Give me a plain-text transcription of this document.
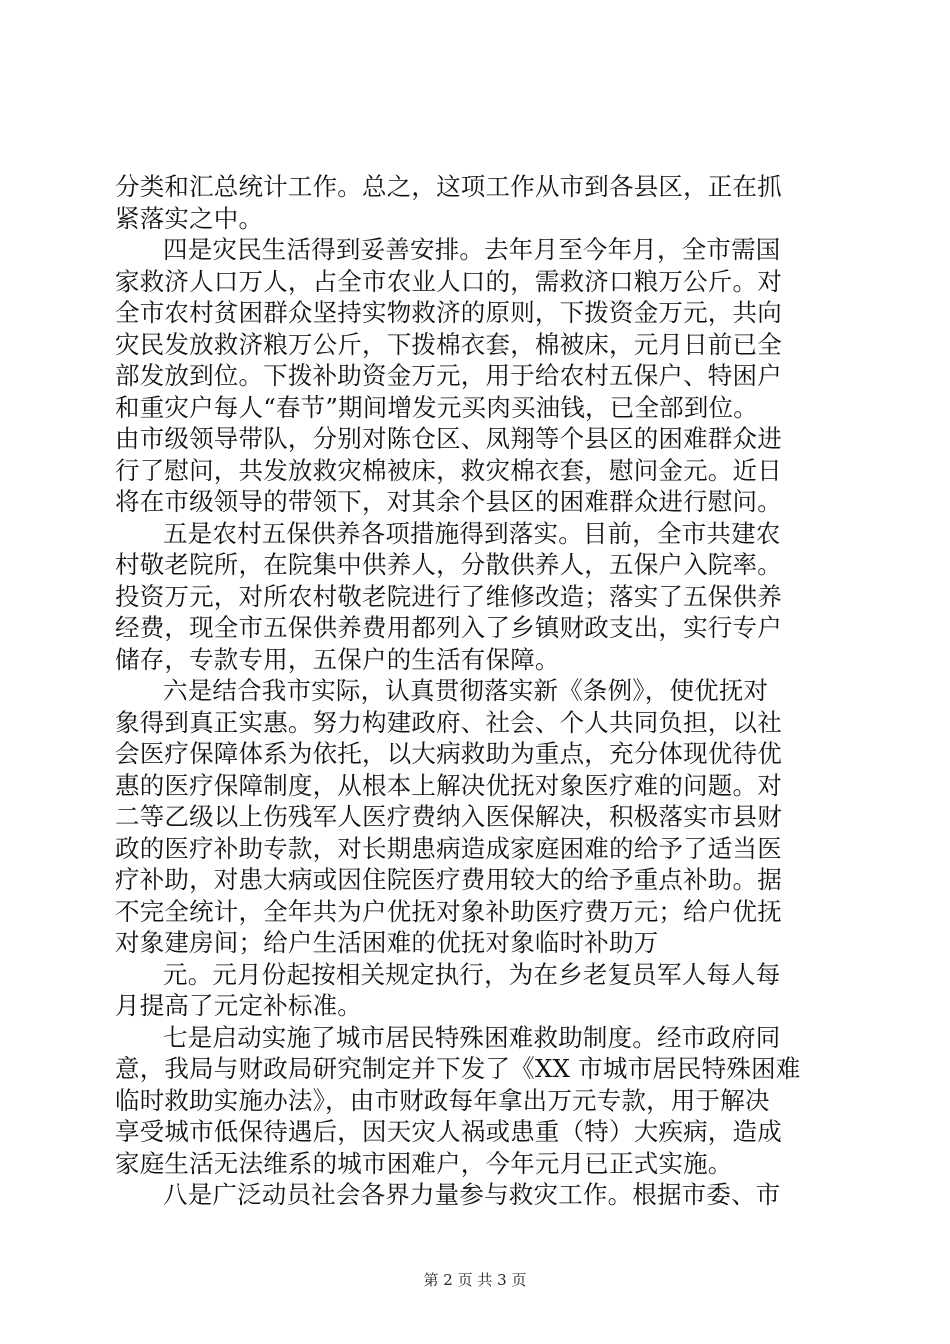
分类和汇总统计工作。总之，这项工作从市到各县区，正在抓
紧落实之中。
四是灾民生活得到妥善安排。去年月至今年月，全市需国
家救济人口万人，占全市农业人口的，需救济口粮万公斤。对
全市农村贫困群众坚持实物救济的原则，下拨资金万元，共向
灾民发放救济粮万公斤，下拨棉衣套，棉被床，元月日前已全
部发放到位。下拨补助资金万元，用于给农村五保户、特困户
和重灾户每人“春节”期间增发元买肉买油钱，已全部到位。
由市级领导带队，分别对陈仓区、凤翔等个县区的困难群众进
行了慰问，共发放救灾棉被床，救灾棉衣套，慰问金元。近日
将在市级领导的带领下，对其余个县区的困难群众进行慰问。
五是农村五保供养各项措施得到落实。目前，全市共建农
村敬老院所，在院集中供养人，分散供养人，五保户入院率。
投资万元，对所农村敬老院进行了维修改造；落实了五保供养
经费，现全市五保供养费用都列入了乡镇财政支出，实行专户
储存，专款专用，五保户的生活有保障。
六是结合我市实际，认真贯彻落实新《条例》，使优抚对
象得到真正实惠。努力构建政府、社会、个人共同负担，以社
会医疗保障体系为依托，以大病救助为重点，充分体现优待优
惠的医疗保障制度，从根本上解决优抚对象医疗难的问题。对
二等乙级以上伤残军人医疗费纳入医保解决，积极落实市县财
政的医疗补助专款，对长期患病造成家庭困难的给予了适当医
疗补助，对患大病或因住院医疗费用较大的给予重点补助。据
不完全统计，全年共为户优抚对象补助医疗费万元；给户优抚
对象建房间；给户生活困难的优抚对象临时补助万
元。元月份起按相关规定执行，为在乡老复员军人每人每
月提高了元定补标准。
七是启动实施了城市居民特殊困难救助制度。经市政府同
意，我局与财政局研究制定并下发了《XX 市城市居民特殊困难
临时救助实施办法》，由市财政每年拿出万元专款，用于解决
享受城市低保待遇后，因天灾人祸或患重（特）大疾病，造成
家庭生活无法维系的城市困难户，今年元月已正式实施。
八是广泛动员社会各界力量参与救灾工作。根据市委、市
第 2 页 共 3 页
